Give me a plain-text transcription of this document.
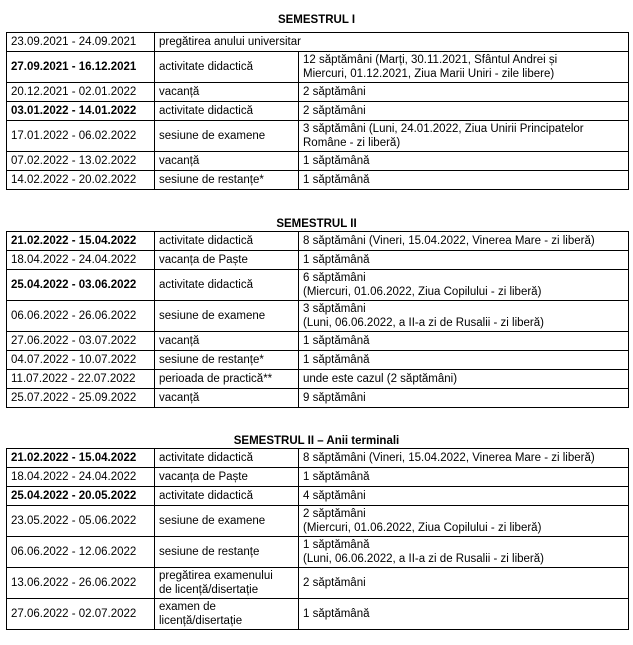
SEMESTRUL I
23.09.2021 - 24.09.2021	pregătirea anului universitar	
27.09.2021 - 16.12.2021	activitate didactică	12 săptămâni (Marți, 30.11.2021, Sfântul Andrei și
Miercuri, 01.12.2021, Ziua Marii Uniri - zile libere)
20.12.2021 - 02.01.2022	vacanță	2 săptămâni
03.01.2022 - 14.01.2022	activitate didactică	2 săptămâni
17.01.2022 - 06.02.2022	sesiune de examene	3 săptămâni (Luni, 24.01.2022, Ziua Unirii Principatelor
Române - zi liberă)
07.02.2022 - 13.02.2022	vacanță	1 săptămână
14.02.2022 - 20.02.2022	sesiune de restanțe*	1 săptămână
SEMESTRUL II
21.02.2022 - 15.04.2022	activitate didactică	8 săptămâni (Vineri, 15.04.2022, Vinerea Mare - zi liberă)
18.04.2022 - 24.04.2022	vacanța de Paște	1 săptămână
25.04.2022 - 03.06.2022	activitate didactică	6 săptămâni
(Miercuri, 01.06.2022, Ziua Copilului - zi liberă)
06.06.2022 - 26.06.2022	sesiune de examene	3 săptămâni
(Luni, 06.06.2022, a II-a zi de Rusalii - zi liberă)
27.06.2022 - 03.07.2022	vacanță	1 săptămână
04.07.2022 - 10.07.2022	sesiune de restanțe*	1 săptămână
11.07.2022 - 22.07.2022	perioada de practică**	unde este cazul (2 săptămâni)
25.07.2022 - 25.09.2022	vacanță	9 săptămâni
SEMESTRUL II – Anii terminali
21.02.2022 - 15.04.2022	activitate didactică	8 săptămâni (Vineri, 15.04.2022, Vinerea Mare - zi liberă)
18.04.2022 - 24.04.2022	vacanța de Paște	1 săptămână
25.04.2022 - 20.05.2022	activitate didactică	4 săptămâni
23.05.2022 - 05.06.2022	sesiune de examene	2 săptămâni
(Miercuri, 01.06.2022, Ziua Copilului - zi liberă)
06.06.2022 - 12.06.2022	sesiune de restanțe	1 săptămână
(Luni, 06.06.2022, a II-a zi de Rusalii - zi liberă)
13.06.2022 - 26.06.2022	pregătirea examenului
de licență/disertație	2 săptămâni
27.06.2022 - 02.07.2022	examen de
licență/disertație	1 săptămână
